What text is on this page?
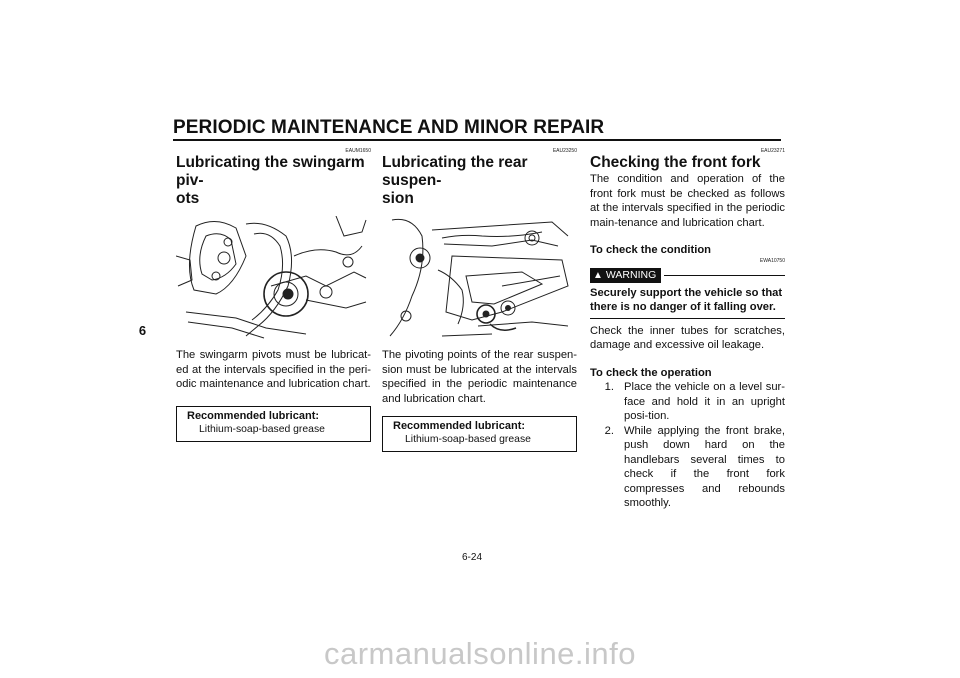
PERIODIC MAINTENANCE AND MINOR REPAIR
6
EAUM1650
Lubricating the swingarm piv-
ots

The swingarm pivots must be lubricat-ed at the intervals specified in the peri-odic maintenance and lubrication chart.

Recommended lubricant:
Lithium-soap-based grease
EAU23250
Lubricating the rear suspen-
sion

The pivoting points of the rear suspen-sion must be lubricated at the intervals specified in the periodic maintenance and lubrication chart.

Recommended lubricant:
Lithium-soap-based grease
EAU23271
Checking the front fork

The condition and operation of the front fork must be checked as follows at the intervals specified in the periodic main-tenance and lubrication chart.

To check the condition

EWA10750
▲ WARNING

Securely support the vehicle so that there is no danger of it falling over.

Check the inner tubes for scratches, damage and excessive oil leakage.

To check the operation

1. Place the vehicle on a level sur-face and hold it in an upright posi-tion.
2. While applying the front brake, push down hard on the handlebars several times to check if the front fork compresses and rebounds smoothly.
6-24
carmanualsonline.info
